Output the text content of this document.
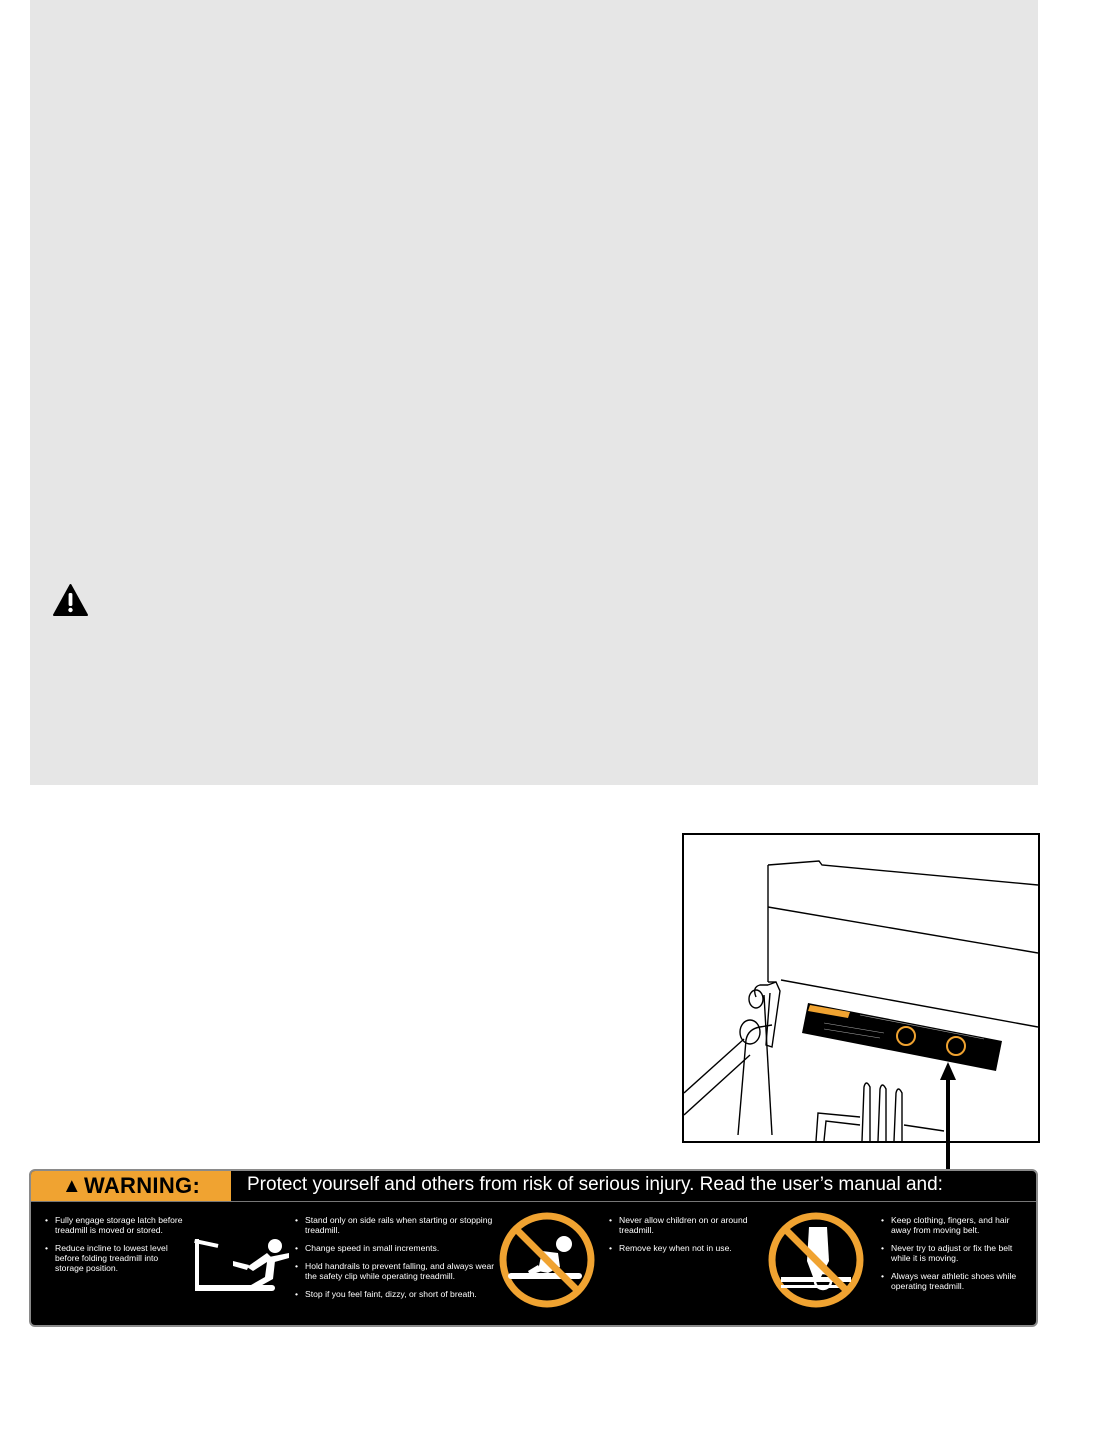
▲ WARNING: Protect yourself and others from risk of serious injury. Read the user’s manual and:
• Fully engage storage latch before treadmill is moved or stored.
• Reduce incline to lowest level before folding treadmill into storage position.
• Stand only on side rails when starting or stopping treadmill.
• Change speed in small increments.
• Hold handrails to prevent falling, and always wear the safety clip while operating treadmill.
• Stop if you feel faint, dizzy, or short of breath.
• Never allow children on or around treadmill.
• Remove key when not in use.
• Keep clothing, fingers, and hair away from moving belt.
• Never try to adjust or fix the belt while it is moving.
• Always wear athletic shoes while operating treadmill.
